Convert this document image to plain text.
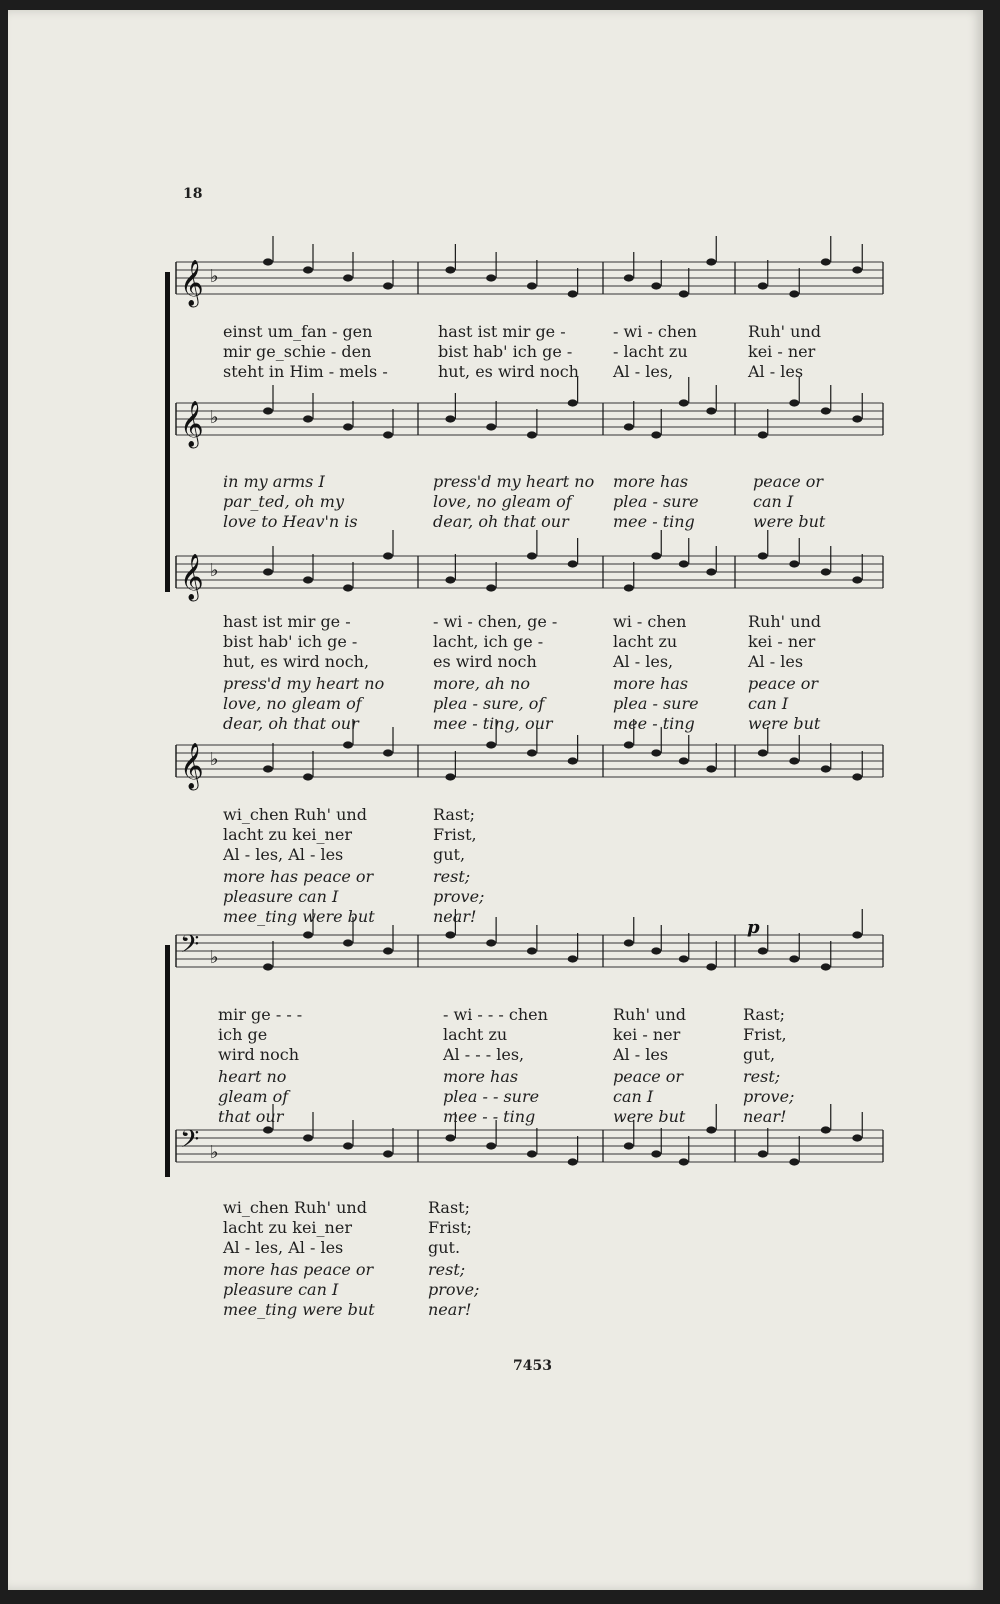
18
𝄞 ♭
𝄞 ♭
𝄞 ♭
𝄞 ♭
𝄢 ♭
p
𝄢 ♭
einst um_fan - gen
mir ge_schie - den
steht in Him - mels -
hast ist mir ge -
bist hab' ich ge -
hut, es wird noch
- wi - chen
- lacht zu
Al - les,
Ruh' und
kei - ner
Al - les
in my arms I
par_ted, oh my
love to Heav'n is
press'd my heart no
love, no gleam of
dear, oh that our
more has
plea - sure
mee - ting
peace or
can I
were but
hast ist mir ge -
bist hab' ich ge -
hut, es wird noch,
- wi - chen, ge -
lacht, ich ge -
es wird noch
wi - chen
lacht zu
Al - les,
Ruh' und
kei - ner
Al - les
press'd my heart no
love, no gleam of
dear, oh that our
more, ah no
plea - sure, of
mee - ting, our
more has
plea - sure
mee - ting
peace or
can I
were but
wi_chen Ruh' und
lacht zu kei_ner
Al - les, Al - les
Rast;
Frist,
gut,
more has peace or
pleasure can I
mee_ting were but
rest;
prove;
near!
mir ge - - -
ich ge
wird noch
- wi - - - chen
lacht zu
Al - - - les,
Ruh' und
kei - ner
Al - les
Rast;
Frist,
gut,
heart no
gleam of
that our
more has
plea - - sure
mee - - ting
peace or
can I
were but
rest;
prove;
near!
wi_chen Ruh' und
lacht zu kei_ner
Al - les, Al - les
Rast;
Frist;
gut.
more has peace or
pleasure can I
mee_ting were but
rest;
prove;
near!
7453
